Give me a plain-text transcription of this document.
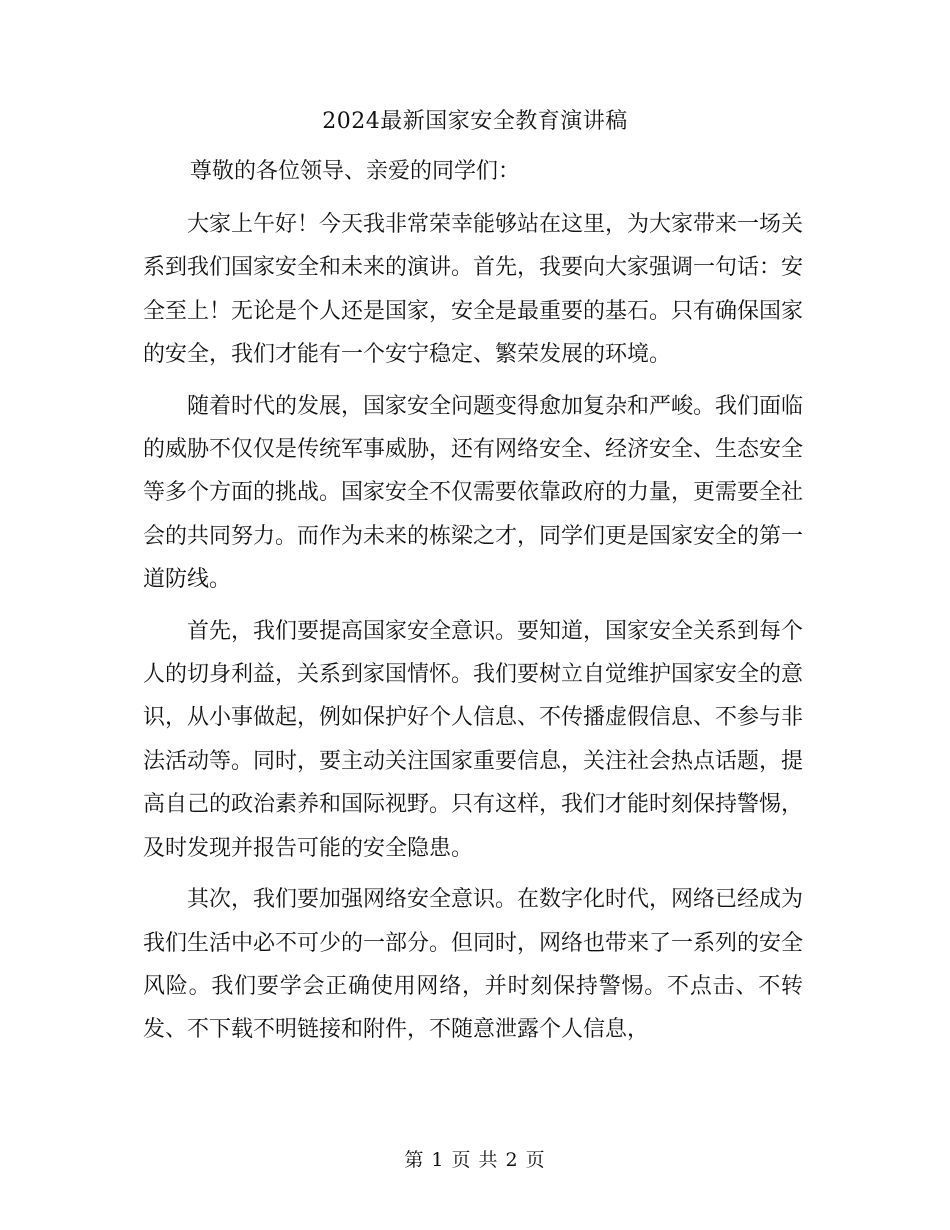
2024最新国家安全教育演讲稿
尊敬的各位领导、亲爱的同学们：

大家上午好！今天我非常荣幸能够站在这里，为大家带来一场关系到我们国家安全和未来的演讲。首先，我要向大家强调一句话：安全至上！无论是个人还是国家，安全是最重要的基石。只有确保国家的安全，我们才能有一个安宁稳定、繁荣发展的环境。

随着时代的发展，国家安全问题变得愈加复杂和严峻。我们面临的威胁不仅仅是传统军事威胁，还有网络安全、经济安全、生态安全等多个方面的挑战。国家安全不仅需要依靠政府的力量，更需要全社会的共同努力。而作为未来的栋梁之才，同学们更是国家安全的第一道防线。

首先，我们要提高国家安全意识。要知道，国家安全关系到每个人的切身利益，关系到家国情怀。我们要树立自觉维护国家安全的意识，从小事做起，例如保护好个人信息、不传播虚假信息、不参与非法活动等。同时，要主动关注国家重要信息，关注社会热点话题，提高自己的政治素养和国际视野。只有这样，我们才能时刻保持警惕，及时发现并报告可能的安全隐患。

其次，我们要加强网络安全意识。在数字化时代，网络已经成为我们生活中必不可少的一部分。但同时，网络也带来了一系列的安全风险。我们要学会正确使用网络，并时刻保持警惕。不点击、不转发、不下载不明链接和附件，不随意泄露个人信息，

第 1 页 共 2 页
